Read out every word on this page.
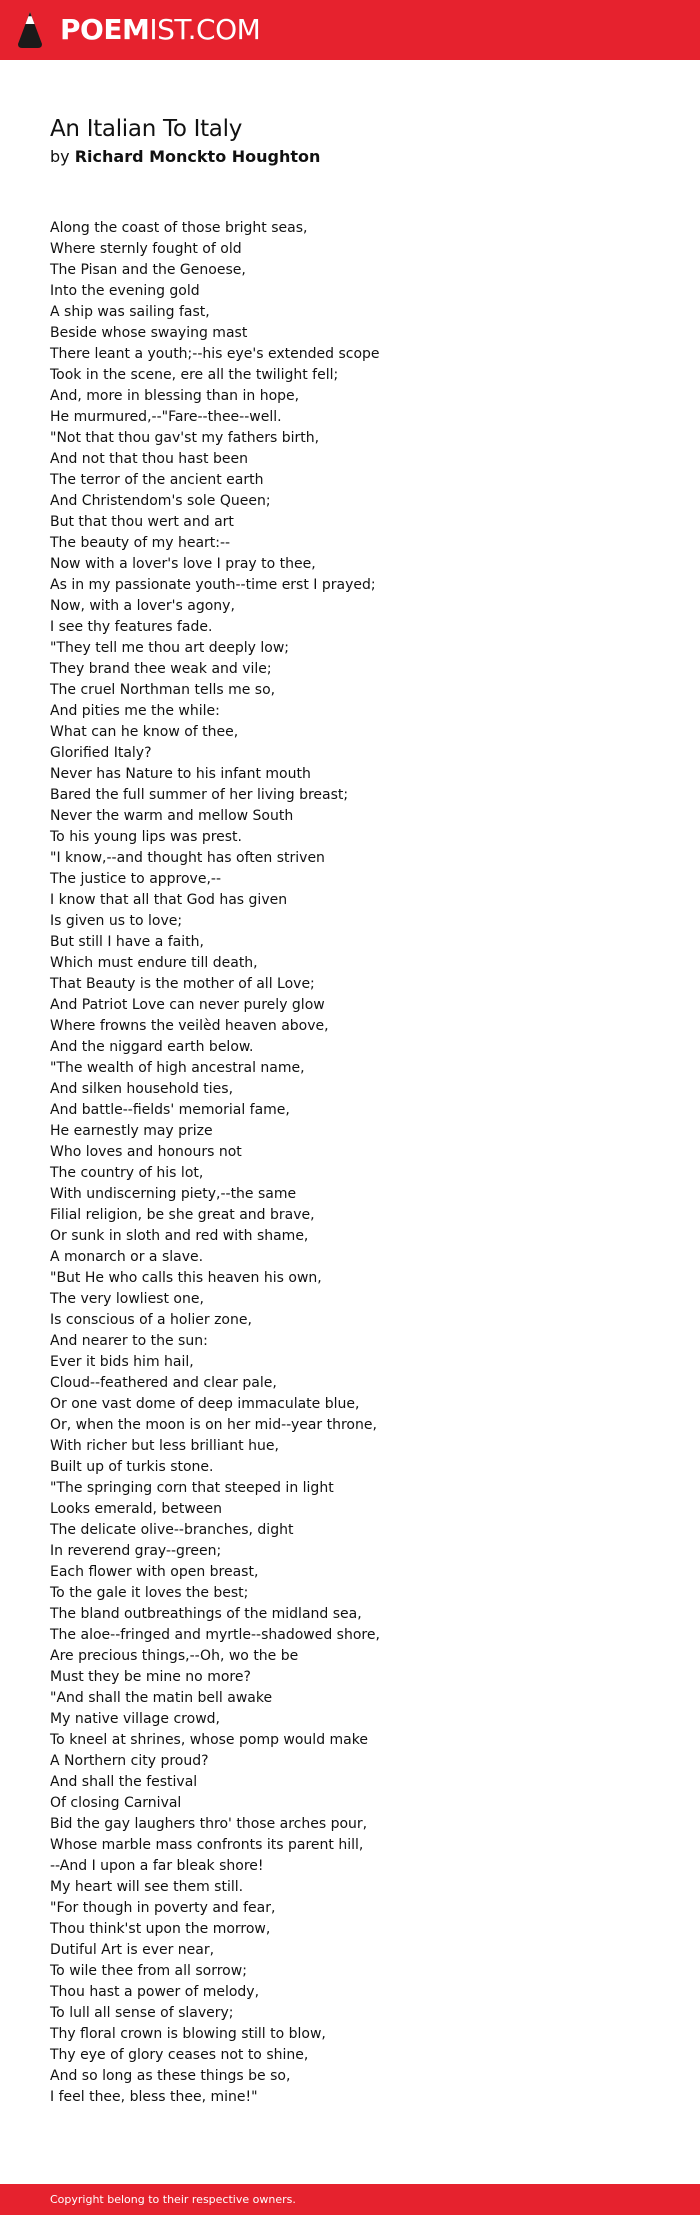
POEMIST.COM
An Italian To Italy
by Richard Monckto Houghton
Along the coast of those bright seas,
Where sternly fought of old
The Pisan and the Genoese,
Into the evening gold
A ship was sailing fast,
Beside whose swaying mast
There leant a youth;--his eye's extended scope
Took in the scene, ere all the twilight fell;
And, more in blessing than in hope,
He murmured,--"Fare--thee--well.
"Not that thou gav'st my fathers birth,
And not that thou hast been
The terror of the ancient earth
And Christendom's sole Queen;
But that thou wert and art
The beauty of my heart:--
Now with a lover's love I pray to thee,
As in my passionate youth--time erst I prayed;
Now, with a lover's agony,
I see thy features fade.
"They tell me thou art deeply low;
They brand thee weak and vile;
The cruel Northman tells me so,
And pities me the while:
What can he know of thee,
Glorified Italy?
Never has Nature to his infant mouth
Bared the full summer of her living breast;
Never the warm and mellow South
To his young lips was prest.
"I know,--and thought has often striven
The justice to approve,--
I know that all that God has given
Is given us to love;
But still I have a faith,
Which must endure till death,
That Beauty is the mother of all Love;
And Patriot Love can never purely glow
Where frowns the veilèd heaven above,
And the niggard earth below.
"The wealth of high ancestral name,
And silken household ties,
And battle--fields' memorial fame,
He earnestly may prize
Who loves and honours not
The country of his lot,
With undiscerning piety,--the same
Filial religion, be she great and brave,
Or sunk in sloth and red with shame,
A monarch or a slave.
"But He who calls this heaven his own,
The very lowliest one,
Is conscious of a holier zone,
And nearer to the sun:
Ever it bids him hail,
Cloud--feathered and clear pale,
Or one vast dome of deep immaculate blue,
Or, when the moon is on her mid--year throne,
With richer but less brilliant hue,
Built up of turkis stone.
"The springing corn that steeped in light
Looks emerald, between
The delicate olive--branches, dight
In reverend gray--green;
Each flower with open breast,
To the gale it loves the best;
The bland outbreathings of the midland sea,
The aloe--fringed and myrtle--shadowed shore,
Are precious things,--Oh, wo the be
Must they be mine no more?
"And shall the matin bell awake
My native village crowd,
To kneel at shrines, whose pomp would make
A Northern city proud?
And shall the festival
Of closing Carnival
Bid the gay laughers thro' those arches pour,
Whose marble mass confronts its parent hill,
--And I upon a far bleak shore!
My heart will see them still.
"For though in poverty and fear,
Thou think'st upon the morrow,
Dutiful Art is ever near,
To wile thee from all sorrow;
Thou hast a power of melody,
To lull all sense of slavery;
Thy floral crown is blowing still to blow,
Thy eye of glory ceases not to shine,
And so long as these things be so,
I feel thee, bless thee, mine!"
Copyright belong to their respective owners.
